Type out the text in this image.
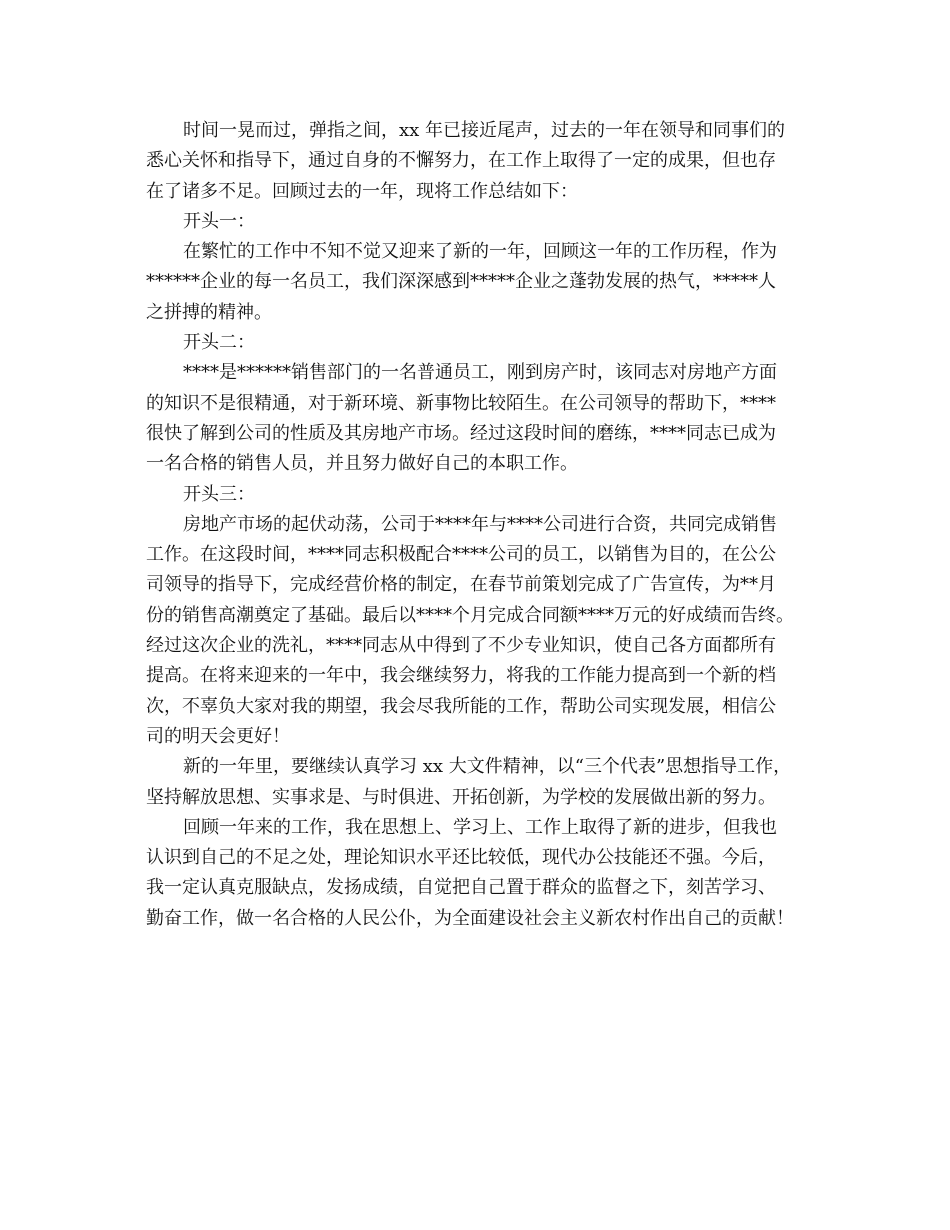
时间一晃而过，弹指之间，xx 年已接近尾声，过去的一年在领导和同事们的
悉心关怀和指导下，通过自身的不懈努力，在工作上取得了一定的成果，但也存
在了诸多不足。回顾过去的一年，现将工作总结如下：
开头一：
在繁忙的工作中不知不觉又迎来了新的一年，回顾这一年的工作历程，作为
******企业的每一名员工，我们深深感到*****企业之蓬勃发展的热气，*****人
之拼搏的精神。
开头二：
****是******销售部门的一名普通员工，刚到房产时，该同志对房地产方面
的知识不是很精通，对于新环境、新事物比较陌生。在公司领导的帮助下，****
很快了解到公司的性质及其房地产市场。经过这段时间的磨练，****同志已成为
一名合格的销售人员，并且努力做好自己的本职工作。
开头三：
房地产市场的起伏动荡，公司于****年与****公司进行合资，共同完成销售
工作。在这段时间，****同志积极配合****公司的员工，以销售为目的，在公公
司领导的指导下，完成经营价格的制定，在春节前策划完成了广告宣传，为**月
份的销售高潮奠定了基础。最后以****个月完成合同额****万元的好成绩而告终。
经过这次企业的洗礼，****同志从中得到了不少专业知识，使自己各方面都所有
提高。在将来迎来的一年中，我会继续努力，将我的工作能力提高到一个新的档
次，不辜负大家对我的期望，我会尽我所能的工作，帮助公司实现发展，相信公
司的明天会更好！
新的一年里，要继续认真学习 xx 大文件精神，以“三个代表”思想指导工作，
坚持解放思想、实事求是、与时俱进、开拓创新，为学校的发展做出新的努力。
回顾一年来的工作，我在思想上、学习上、工作上取得了新的进步，但我也
认识到自己的不足之处，理论知识水平还比较低，现代办公技能还不强。今后，
我一定认真克服缺点，发扬成绩，自觉把自己置于群众的监督之下，刻苦学习、
勤奋工作，做一名合格的人民公仆，为全面建设社会主义新农村作出自己的贡献！
